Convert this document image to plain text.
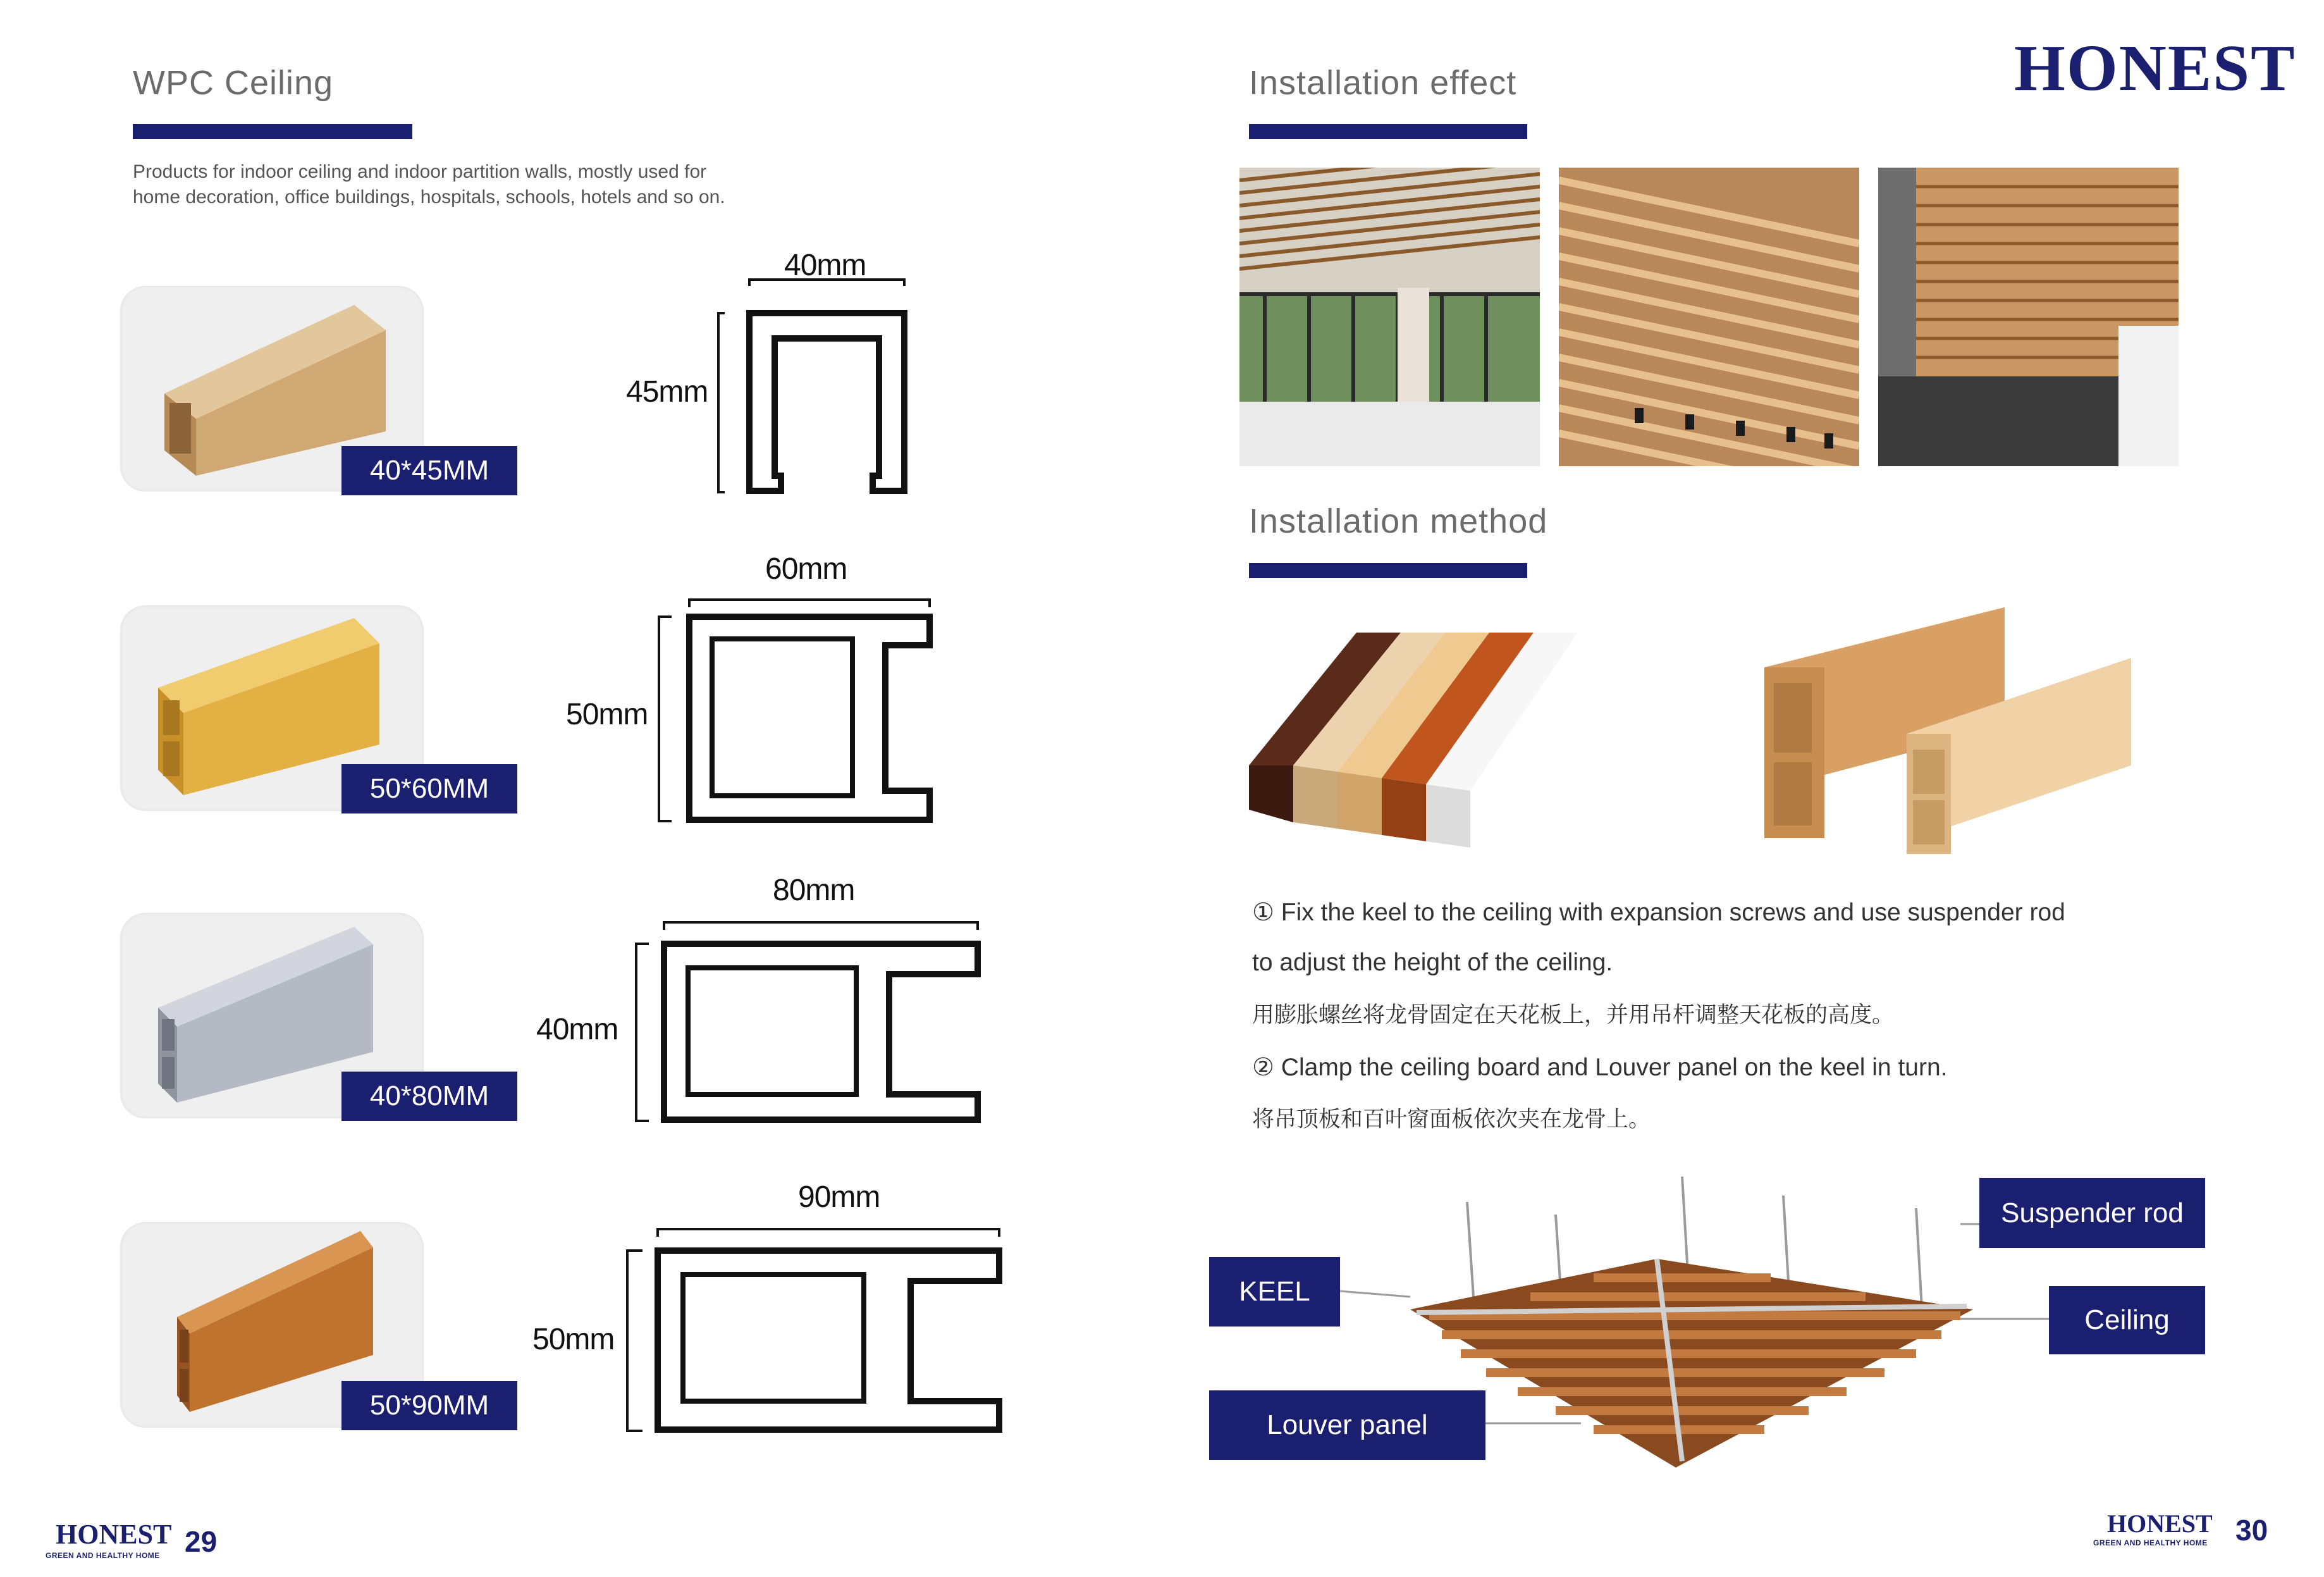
WPC Ceiling
Products for indoor ceiling and indoor partition walls, mostly used for
home decoration, office buildings, hospitals, schools, hotels and so on.
40*45MM
40mm
45mm
50*60MM
60mm
50mm
40*80MM
80mm
40mm
50*90MM
90mm
50mm
HONEST
GREEN AND HEALTHY HOME 29
HONEST
Installation effect
Installation method
① Fix the keel to the ceiling with expansion screws and use suspender rod
to adjust the height of the ceiling.
用膨胀螺丝将龙骨固定在天花板上，并用吊杆调整天花板的高度。
② Clamp the ceiling board and Louver panel on the keel in turn.
将吊顶板和百叶窗面板依次夹在龙骨上。
Suspender rod
KEEL
Ceiling
Louver panel
HONEST
GREEN AND HEALTHY HOME 30
